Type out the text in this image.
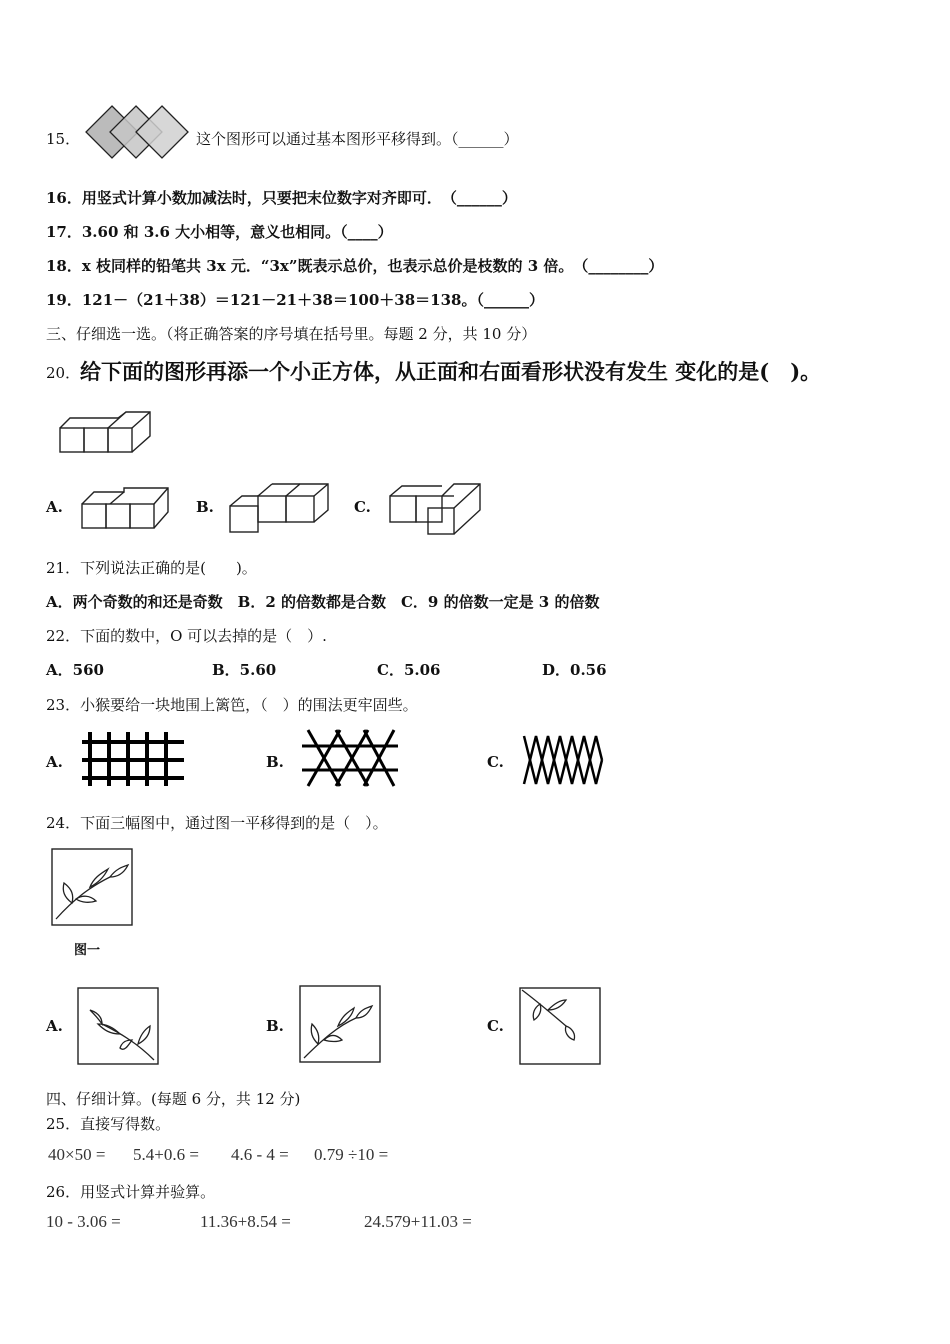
15．	这个图形可以通过基本图形平移得到。（______）
16．用竖式计算小数加减法时，只要把末位数字对齐即可．　（______）
17．3.60 和 3.6 大小相等，意义也相同。（____）
18．x 枝同样的铅笔共 3x 元．“3x”既表示总价，也表示总价是枝数的 3 倍。　（________）
19．121－（21＋38）＝121－21＋38＝100＋38＝138。（______）
三、仔细选一选。（将正确答案的序号填在括号里。每题 2 分，共 10 分）
20． 给下面的图形再添一个小正方体，从正面和右面看形状没有发生 变化的是(　)。
A.	B.	C.
21．下列说法正确的是(　　)。
A．两个奇数的和还是奇数　B．2 的倍数都是合数　C．9 的倍数一定是 3 的倍数
22．下面的数中，O 可以去掉的是（　）.
A．560	B．5.60	C．5.06	D．0.56
23．小猴要给一块地围上篱笆，（　）的围法更牢固些。
A.	B.	C.
24．下面三幅图中，通过图一平移得到的是（　）。
图一
A.	B.	C.
四、仔细计算。(每题 6 分，共 12 分)
25．直接写得数。
40×50 = 5.4+0.6 = 4.6 - 4 = 0.79 ÷10 =
26．用竖式计算并验算。
10 - 3.06 =	11.36+8.54 =	24.579+11.03 =
